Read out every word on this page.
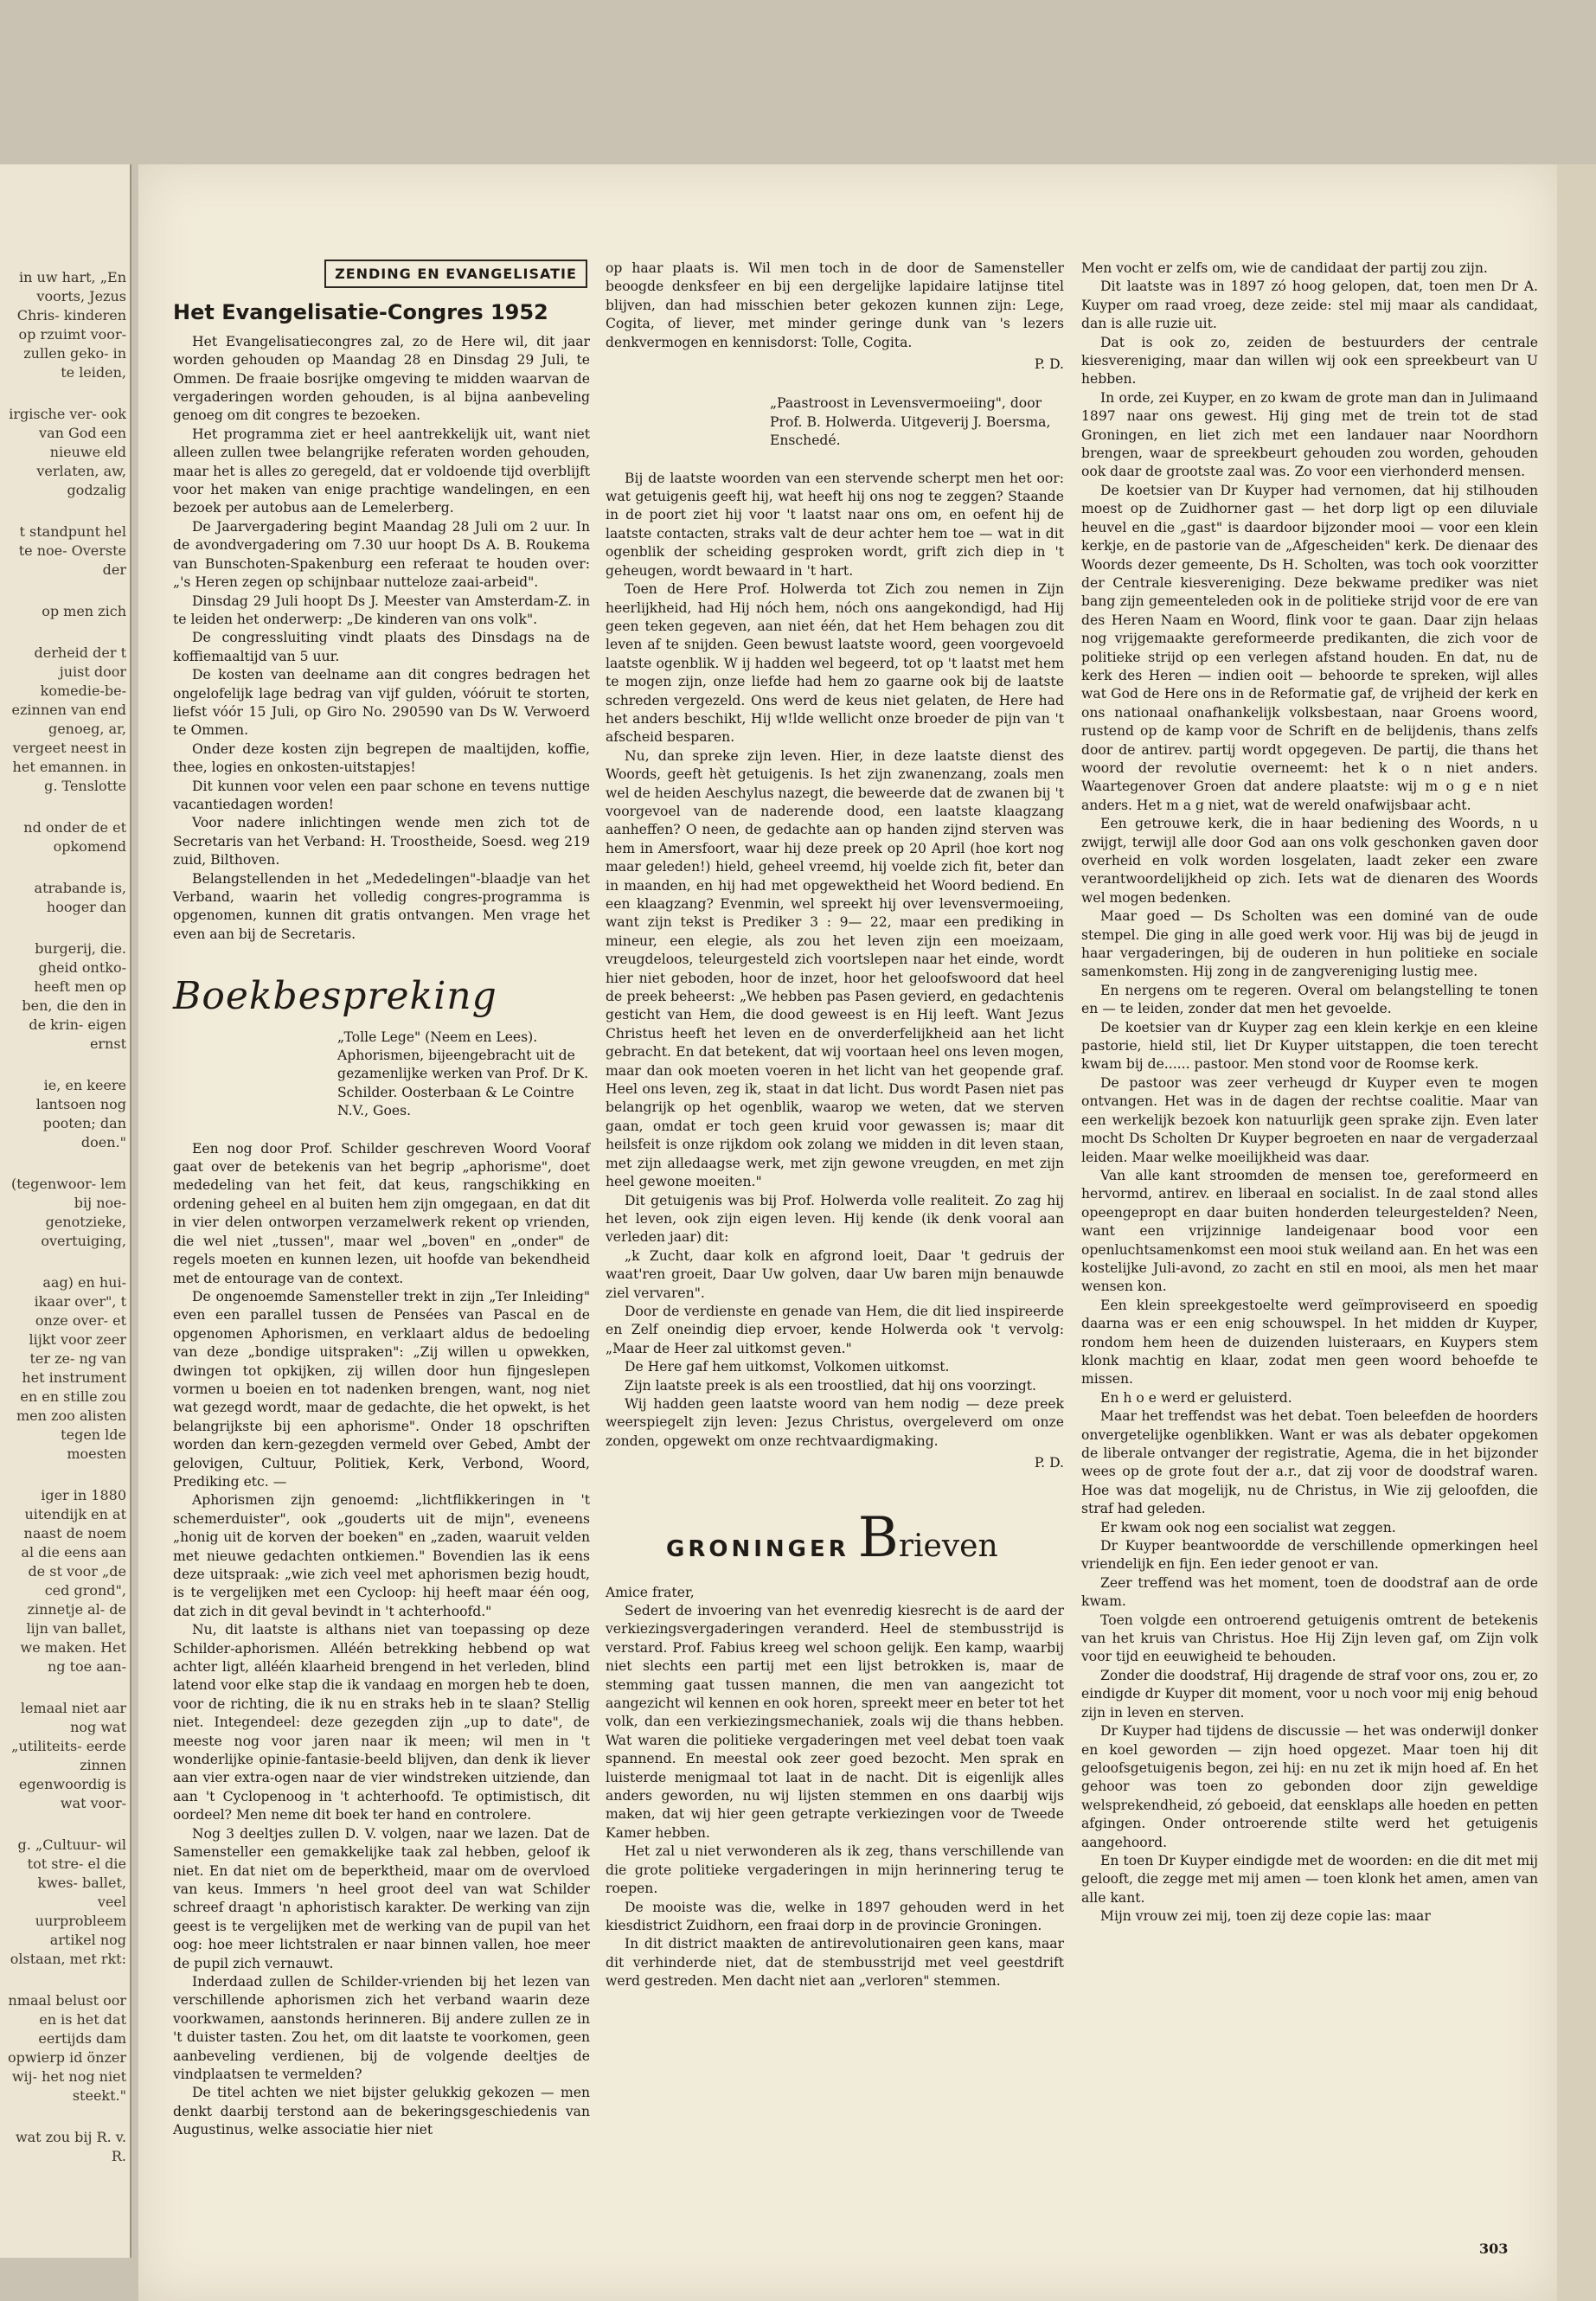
in uw hart, „En voorts, Jezus Chris- kinderen op rzuimt voor- zullen geko- in te leiden,

irgische ver- ook van God een nieuwe eld verlaten, aw, godzalig

t standpunt hel te noe- Overste der

op men zich

derheid der t juist door komedie-be- ezinnen van end genoeg, ar, vergeet neest in het emannen. in g. Tenslotte

nd onder de et opkomend

atrabande is, hooger dan

burgerij, die. gheid ontko- heeft men op ben, die den in de krin- eigen ernst

ie, en keere lantsoen nog pooten; dan doen."

(tegenwoor- lem bij noe- genotzieke, overtuiging,

aag) en hui- ikaar over", t onze over- et lijkt voor zeer ter ze- ng van het instrument en en stille zou men zoo alisten tegen lde moesten

iger in 1880 uitendijk en at naast de noem al die eens aan de st voor „de ced grond", zinnetje al- de lijn van ballet, we maken. Het ng toe aan-

lemaal niet aar nog wat „utiliteits- eerde zinnen egenwoordig is wat voor-

g. „Cultuur- wil tot stre- el die kwes- ballet, veel uurprobleem artikel nog olstaan, met rkt:

nmaal belust oor en is het dat eertijds dam opwierp id önzer wij- het nog niet steekt."

wat zou bij R. v. R.

ZENDING EN EVANGELISATIE
Het Evangelisatie-Congres 1952

Het Evangelisatiecongres zal, zo de Here wil, dit jaar worden gehouden op Maandag 28 en Dinsdag 29 Juli, te Ommen. De fraaie bosrijke omgeving te midden waarvan de vergaderingen worden gehouden, is al bijna aanbeveling genoeg om dit congres te bezoeken.

Het programma ziet er heel aantrekkelijk uit, want niet alleen zullen twee belangrijke referaten worden gehouden, maar het is alles zo geregeld, dat er voldoende tijd overblijft voor het maken van enige prachtige wandelingen, en een bezoek per autobus aan de Lemelerberg.

De Jaarvergadering begint Maandag 28 Juli om 2 uur. In de avondvergadering om 7.30 uur hoopt Ds A. B. Roukema van Bunschoten-Spakenburg een referaat te houden over: „'s Heren zegen op schijnbaar nutteloze zaai-arbeid".

Dinsdag 29 Juli hoopt Ds J. Meester van Amsterdam-Z. in te leiden het onderwerp: „De kinderen van ons volk".

De congressluiting vindt plaats des Dinsdags na de koffiemaaltijd van 5 uur.

De kosten van deelname aan dit congres bedragen het ongelofelijk lage bedrag van vijf gulden, vóóruit te storten, liefst vóór 15 Juli, op Giro No. 290590 van Ds W. Verwoerd te Ommen.

Onder deze kosten zijn begrepen de maaltijden, koffie, thee, logies en onkosten-uitstapjes!

Dit kunnen voor velen een paar schone en tevens nuttige vacantiedagen worden!

Voor nadere inlichtingen wende men zich tot de Secretaris van het Verband: H. Troostheide, Soesd. weg 219 zuid, Bilthoven.

Belangstellenden in het „Mededelingen"-blaadje van het Verband, waarin het volledig congres-programma is opgenomen, kunnen dit gratis ontvangen. Men vrage het even aan bij de Secretaris.

Boekbespreking
„Tolle Lege" (Neem en Lees). Aphorismen, bijeengebracht uit de gezamenlijke werken van Prof. Dr K. Schilder. Oosterbaan & Le Cointre N.V., Goes.

Een nog door Prof. Schilder geschreven Woord Vooraf gaat over de betekenis van het begrip „aphorisme", doet mededeling van het feit, dat keus, rangschikking en ordening geheel en al buiten hem zijn omgegaan, en dat dit in vier delen ontworpen verzamelwerk rekent op vrienden, die wel niet „tussen", maar wel „boven" en „onder" de regels moeten en kunnen lezen, uit hoofde van bekendheid met de entourage van de context.

De ongenoemde Samensteller trekt in zijn „Ter Inleiding" even een parallel tussen de Pensées van Pascal en de opgenomen Aphorismen, en verklaart aldus de bedoeling van deze „bondige uitspraken": „Zij willen u opwekken, dwingen tot opkijken, zij willen door hun fijngeslepen vormen u boeien en tot nadenken brengen, want, nog niet wat gezegd wordt, maar de gedachte, die het opwekt, is het belangrijkste bij een aphorisme". Onder 18 opschriften worden dan kern-gezegden vermeld over Gebed, Ambt der gelovigen, Cultuur, Politiek, Kerk, Verbond, Woord, Prediking etc. —

Aphorismen zijn genoemd: „lichtflikkeringen in 't schemerduister", ook „gouderts uit de mijn", eveneens „honig uit de korven der boeken" en „zaden, waaruit velden met nieuwe gedachten ontkiemen." Bovendien las ik eens deze uitspraak: „wie zich veel met aphorismen bezig houdt, is te vergelijken met een Cycloop: hij heeft maar één oog, dat zich in dit geval bevindt in 't achterhoofd."

Nu, dit laatste is althans niet van toepassing op deze Schilder-aphorismen. Alléén betrekking hebbend op wat achter ligt, alléén klaarheid brengend in het verleden, blind latend voor elke stap die ik vandaag en morgen heb te doen, voor de richting, die ik nu en straks heb in te slaan? Stellig niet. Integendeel: deze gezegden zijn „up to date", de meeste nog voor jaren naar ik meen; wil men in 't wonderlijke opinie-fantasie-beeld blijven, dan denk ik liever aan vier extra-ogen naar de vier windstreken uitziende, dan aan 't Cyclopenoog in 't achterhoofd. Te optimistisch, dit oordeel? Men neme dit boek ter hand en controlere.

Nog 3 deeltjes zullen D. V. volgen, naar we lazen. Dat de Samensteller een gemakkelijke taak zal hebben, geloof ik niet. En dat niet om de beperktheid, maar om de overvloed van keus. Immers 'n heel groot deel van wat Schilder schreef draagt 'n aphoristisch karakter. De werking van zijn geest is te vergelijken met de werking van de pupil van het oog: hoe meer lichtstralen er naar binnen vallen, hoe meer de pupil zich vernauwt.

Inderdaad zullen de Schilder-vrienden bij het lezen van verschillende aphorismen zich het verband waarin deze voorkwamen, aanstonds herinneren. Bij andere zullen ze in 't duister tasten. Zou het, om dit laatste te voorkomen, geen aanbeveling verdienen, bij de volgende deeltjes de vindplaatsen te vermelden?

De titel achten we niet bijster gelukkig gekozen — men denkt daarbij terstond aan de bekeringsgeschiedenis van Augustinus, welke associatie hier niet

op haar plaats is. Wil men toch in de door de Samensteller beoogde denksfeer en bij een dergelijke lapidaire latijnse titel blijven, dan had misschien beter gekozen kunnen zijn: Lege, Cogita, of liever, met minder geringe dunk van 's lezers denkvermogen en kennisdorst: Tolle, Cogita.

P. D.

„Paastroost in Levensvermoeiing", door Prof. B. Holwerda. Uitgeverij J. Boersma, Enschedé.

Bij de laatste woorden van een stervende scherpt men het oor: wat getuigenis geeft hij, wat heeft hij ons nog te zeggen? Staande in de poort ziet hij voor 't laatst naar ons om, en oefent hij de laatste contacten, straks valt de deur achter hem toe — wat in dit ogenblik der scheiding gesproken wordt, grift zich diep in 't geheugen, wordt bewaard in 't hart.

Toen de Here Prof. Holwerda tot Zich zou nemen in Zijn heerlijkheid, had Hij nóch hem, nóch ons aangekondigd, had Hij geen teken gegeven, aan niet één, dat het Hem behagen zou dit leven af te snijden. Geen bewust laatste woord, geen voorgevoeld laatste ogenblik. W ij hadden wel begeerd, tot op 't laatst met hem te mogen zijn, onze liefde had hem zo gaarne ook bij de laatste schreden vergezeld. Ons werd de keus niet gelaten, de Here had het anders beschikt, Hij w!lde wellicht onze broeder de pijn van 't afscheid besparen.

Nu, dan spreke zijn leven. Hier, in deze laatste dienst des Woords, geeft hèt getuigenis. Is het zijn zwanenzang, zoals men wel de heiden Aeschylus nazegt, die beweerde dat de zwanen bij 't voorgevoel van de naderende dood, een laatste klaagzang aanheffen? O neen, de gedachte aan op handen zijnd sterven was hem in Amersfoort, waar hij deze preek op 20 April (hoe kort nog maar geleden!) hield, geheel vreemd, hij voelde zich fit, beter dan in maanden, en hij had met opgewektheid het Woord bediend. En een klaagzang? Evenmin, wel spreekt hij over levensvermoeiing, want zijn tekst is Prediker 3 : 9— 22, maar een prediking in mineur, een elegie, als zou het leven zijn een moeizaam, vreugdeloos, teleurgesteld zich voortslepen naar het einde, wordt hier niet geboden, hoor de inzet, hoor het geloofswoord dat heel de preek beheerst: „We hebben pas Pasen gevierd, en gedachtenis gesticht van Hem, die dood geweest is en Hij leeft. Want Jezus Christus heeft het leven en de onverderfelijkheid aan het licht gebracht. En dat betekent, dat wij voortaan heel ons leven mogen, maar dan ook moeten voeren in het licht van het geopende graf. Heel ons leven, zeg ik, staat in dat licht. Dus wordt Pasen niet pas belangrijk op het ogenblik, waarop we weten, dat we sterven gaan, omdat er toch geen kruid voor gewassen is; maar dit heilsfeit is onze rijkdom ook zolang we midden in dit leven staan, met zijn alledaagse werk, met zijn gewone vreugden, en met zijn heel gewone moeiten."

Dit getuigenis was bij Prof. Holwerda volle realiteit. Zo zag hij het leven, ook zijn eigen leven. Hij kende (ik denk vooral aan verleden jaar) dit:

„k Zucht, daar kolk en afgrond loeit, Daar 't gedruis der waat'ren groeit, Daar Uw golven, daar Uw baren mijn benauwde ziel vervaren".

Door de verdienste en genade van Hem, die dit lied inspireerde en Zelf oneindig diep ervoer, kende Holwerda ook 't vervolg: „Maar de Heer zal uitkomst geven."

De Here gaf hem uitkomst, Volkomen uitkomst.

Zijn laatste preek is als een troostlied, dat hij ons voorzingt.

Wij hadden geen laatste woord van hem nodig — deze preek weerspiegelt zijn leven: Jezus Christus, overgeleverd om onze zonden, opgewekt om onze rechtvaardigmaking.

P. D.

GRONINGER B rieven

Amice frater,

Sedert de invoering van het evenredig kiesrecht is de aard der verkiezingsvergaderingen veranderd. Heel de stembusstrijd is verstard. Prof. Fabius kreeg wel schoon gelijk. Een kamp, waarbij niet slechts een partij met een lijst betrokken is, maar de stemming gaat tussen mannen, die men van aangezicht tot aangezicht wil kennen en ook horen, spreekt meer en beter tot het volk, dan een verkiezingsmechaniek, zoals wij die thans hebben. Wat waren die politieke vergaderingen met veel debat toen vaak spannend. En meestal ook zeer goed bezocht. Men sprak en luisterde menigmaal tot laat in de nacht. Dit is eigenlijk alles anders geworden, nu wij lijsten stemmen en ons daarbij wijs maken, dat wij hier geen getrapte verkiezingen voor de Tweede Kamer hebben.

Het zal u niet verwonderen als ik zeg, thans verschillende van die grote politieke vergaderingen in mijn herinnering terug te roepen.

De mooiste was die, welke in 1897 gehouden werd in het kiesdistrict Zuidhorn, een fraai dorp in de provincie Groningen.

In dit district maakten de antirevolutionairen geen kans, maar dit verhinderde niet, dat de stembusstrijd met veel geestdrift werd gestreden. Men dacht niet aan „verloren" stemmen.

Men vocht er zelfs om, wie de candidaat der partij zou zijn.

Dit laatste was in 1897 zó hoog gelopen, dat, toen men Dr A. Kuyper om raad vroeg, deze zeide: stel mij maar als candidaat, dan is alle ruzie uit.

Dat is ook zo, zeiden de bestuurders der centrale kiesvereniging, maar dan willen wij ook een spreekbeurt van U hebben.

In orde, zei Kuyper, en zo kwam de grote man dan in Julimaand 1897 naar ons gewest. Hij ging met de trein tot de stad Groningen, en liet zich met een landauer naar Noordhorn brengen, waar de spreekbeurt gehouden zou worden, gehouden ook daar de grootste zaal was. Zo voor een vierhonderd mensen.

De koetsier van Dr Kuyper had vernomen, dat hij stilhouden moest op de Zuidhorner gast — het dorp ligt op een diluviale heuvel en die „gast" is daardoor bijzonder mooi — voor een klein kerkje, en de pastorie van de „Afgescheiden" kerk. De dienaar des Woords dezer gemeente, Ds H. Scholten, was toch ook voorzitter der Centrale kiesvereniging. Deze bekwame prediker was niet bang zijn gemeenteleden ook in de politieke strijd voor de ere van des Heren Naam en Woord, flink voor te gaan. Daar zijn helaas nog vrijgemaakte gereformeerde predikanten, die zich voor de politieke strijd op een verlegen afstand houden. En dat, nu de kerk des Heren — indien ooit — behoorde te spreken, wijl alles wat God de Here ons in de Reformatie gaf, de vrijheid der kerk en ons nationaal onafhankelijk volksbestaan, naar Groens woord, rustend op de kamp voor de Schrift en de belijdenis, thans zelfs door de antirev. partij wordt opgegeven. De partij, die thans het woord der revolutie overneemt: het k o n niet anders. Waartegenover Groen dat andere plaatste: wij m o g e n niet anders. Het m a g niet, wat de wereld onafwijsbaar acht.

Een getrouwe kerk, die in haar bediening des Woords, n u zwijgt, terwijl alle door God aan ons volk geschonken gaven door overheid en volk worden losgelaten, laadt zeker een zware verantwoordelijkheid op zich. Iets wat de dienaren des Woords wel mogen bedenken.

Maar goed — Ds Scholten was een dominé van de oude stempel. Die ging in alle goed werk voor. Hij was bij de jeugd in haar vergaderingen, bij de ouderen in hun politieke en sociale samenkomsten. Hij zong in de zangvereniging lustig mee.

En nergens om te regeren. Overal om belangstelling te tonen en — te leiden, zonder dat men het gevoelde.

De koetsier van dr Kuyper zag een klein kerkje en een kleine pastorie, hield stil, liet Dr Kuyper uitstappen, die toen terecht kwam bij de...... pastoor. Men stond voor de Roomse kerk.

De pastoor was zeer verheugd dr Kuyper even te mogen ontvangen. Het was in de dagen der rechtse coalitie. Maar van een werkelijk bezoek kon natuurlijk geen sprake zijn. Even later mocht Ds Scholten Dr Kuyper begroeten en naar de vergaderzaal leiden. Maar welke moeilijkheid was daar.

Van alle kant stroomden de mensen toe, gereformeerd en hervormd, antirev. en liberaal en socialist. In de zaal stond alles opeengepropt en daar buiten honderden teleurgestelden? Neen, want een vrijzinnige landeigenaar bood voor een openluchtsamenkomst een mooi stuk weiland aan. En het was een kostelijke Juli-avond, zo zacht en stil en mooi, als men het maar wensen kon.

Een klein spreekgestoelte werd geïmproviseerd en spoedig daarna was er een enig schouwspel. In het midden dr Kuyper, rondom hem heen de duizenden luisteraars, en Kuypers stem klonk machtig en klaar, zodat men geen woord behoefde te missen.

En h o e werd er geluisterd.

Maar het treffendst was het debat. Toen beleefden de hoorders onvergetelijke ogenblikken. Want er was als debater opgekomen de liberale ontvanger der registratie, Agema, die in het bijzonder wees op de grote fout der a.r., dat zij voor de doodstraf waren. Hoe was dat mogelijk, nu de Christus, in Wie zij geloofden, die straf had geleden.

Er kwam ook nog een socialist wat zeggen.

Dr Kuyper beantwoordde de verschillende opmerkingen heel vriendelijk en fijn. Een ieder genoot er van.

Zeer treffend was het moment, toen de doodstraf aan de orde kwam.

Toen volgde een ontroerend getuigenis omtrent de betekenis van het kruis van Christus. Hoe Hij Zijn leven gaf, om Zijn volk voor tijd en eeuwigheid te behouden.

Zonder die doodstraf, Hij dragende de straf voor ons, zou er, zo eindigde dr Kuyper dit moment, voor u noch voor mij enig behoud zijn in leven en sterven.

Dr Kuyper had tijdens de discussie — het was onderwijl donker en koel geworden — zijn hoed opgezet. Maar toen hij dit geloofsgetuigenis begon, zei hij: en nu zet ik mijn hoed af. En het gehoor was toen zo gebonden door zijn geweldige welsprekendheid, zó geboeid, dat eensklaps alle hoeden en petten afgingen. Onder ontroerende stilte werd het getuigenis aangehoord.

En toen Dr Kuyper eindigde met de woorden: en die dit met mij gelooft, die zegge met mij amen — toen klonk het amen, amen van alle kant.

Mijn vrouw zei mij, toen zij deze copie las: maar

303
